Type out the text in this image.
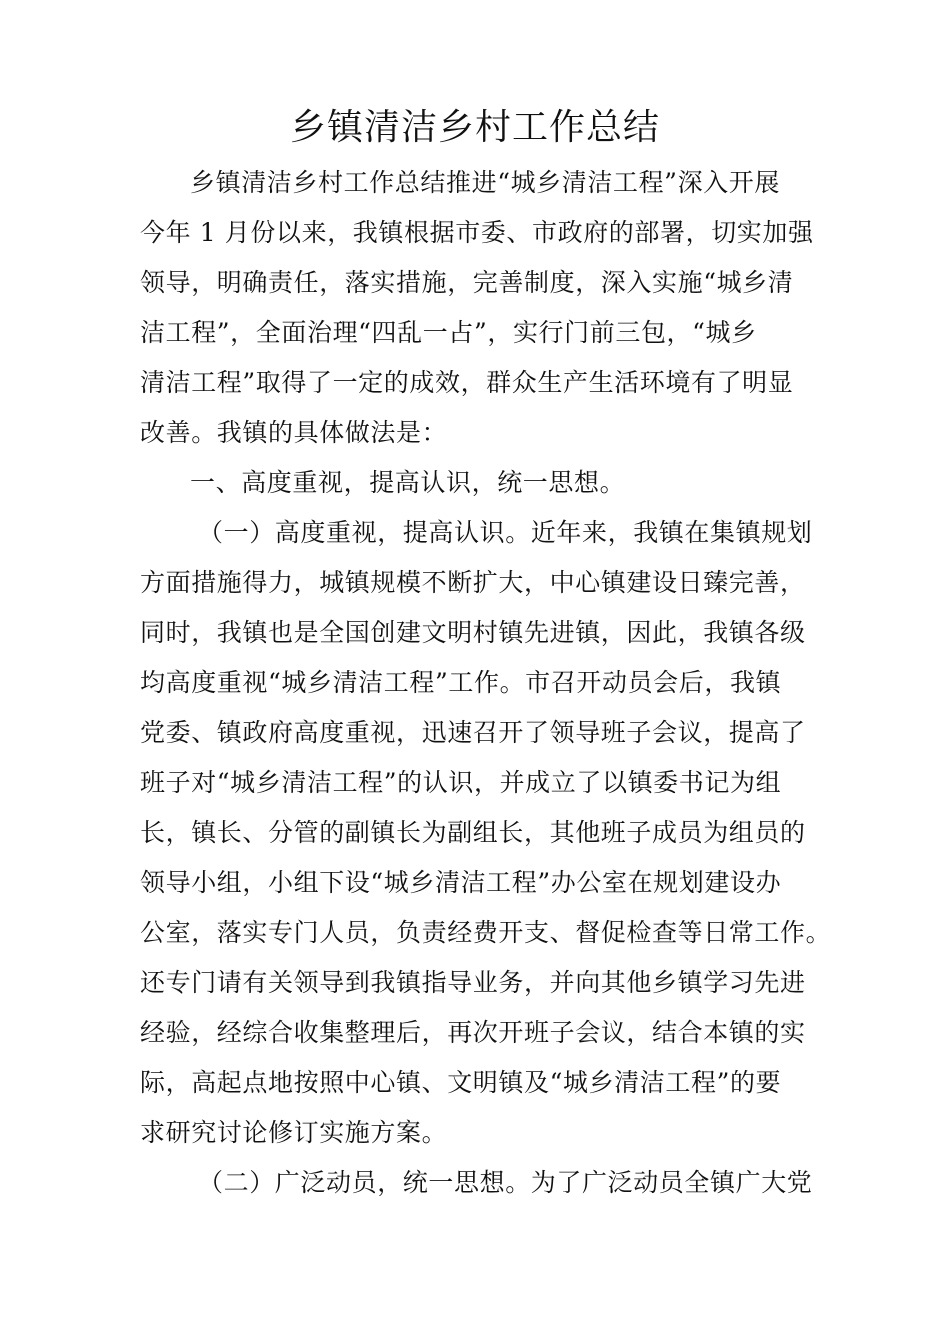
乡镇清洁乡村工作总结

乡镇清洁乡村工作总结推进“城乡清洁工程”深入开展

今年 1 月份以来，我镇根据市委、市政府的部署，切实加强

领导，明确责任，落实措施，完善制度，深入实施“城乡清

洁工程”，全面治理“四乱一占”，实行门前三包，“城乡

清洁工程”取得了一定的成效，群众生产生活环境有了明显

改善。我镇的具体做法是：

一、高度重视，提高认识，统一思想。

（一）高度重视，提高认识。近年来，我镇在集镇规划

方面措施得力，城镇规模不断扩大，中心镇建设日臻完善，

同时，我镇也是全国创建文明村镇先进镇，因此，我镇各级

均高度重视“城乡清洁工程”工作。市召开动员会后，我镇

党委、镇政府高度重视，迅速召开了领导班子会议，提高了

班子对“城乡清洁工程”的认识，并成立了以镇委书记为组

长，镇长、分管的副镇长为副组长，其他班子成员为组员的

领导小组，小组下设“城乡清洁工程”办公室在规划建设办

公室，落实专门人员，负责经费开支、督促检查等日常工作。

还专门请有关领导到我镇指导业务，并向其他乡镇学习先进

经验，经综合收集整理后，再次开班子会议，结合本镇的实

际，高起点地按照中心镇、文明镇及“城乡清洁工程”的要

求研究讨论修订实施方案。

（二）广泛动员，统一思想。为了广泛动员全镇广大党
